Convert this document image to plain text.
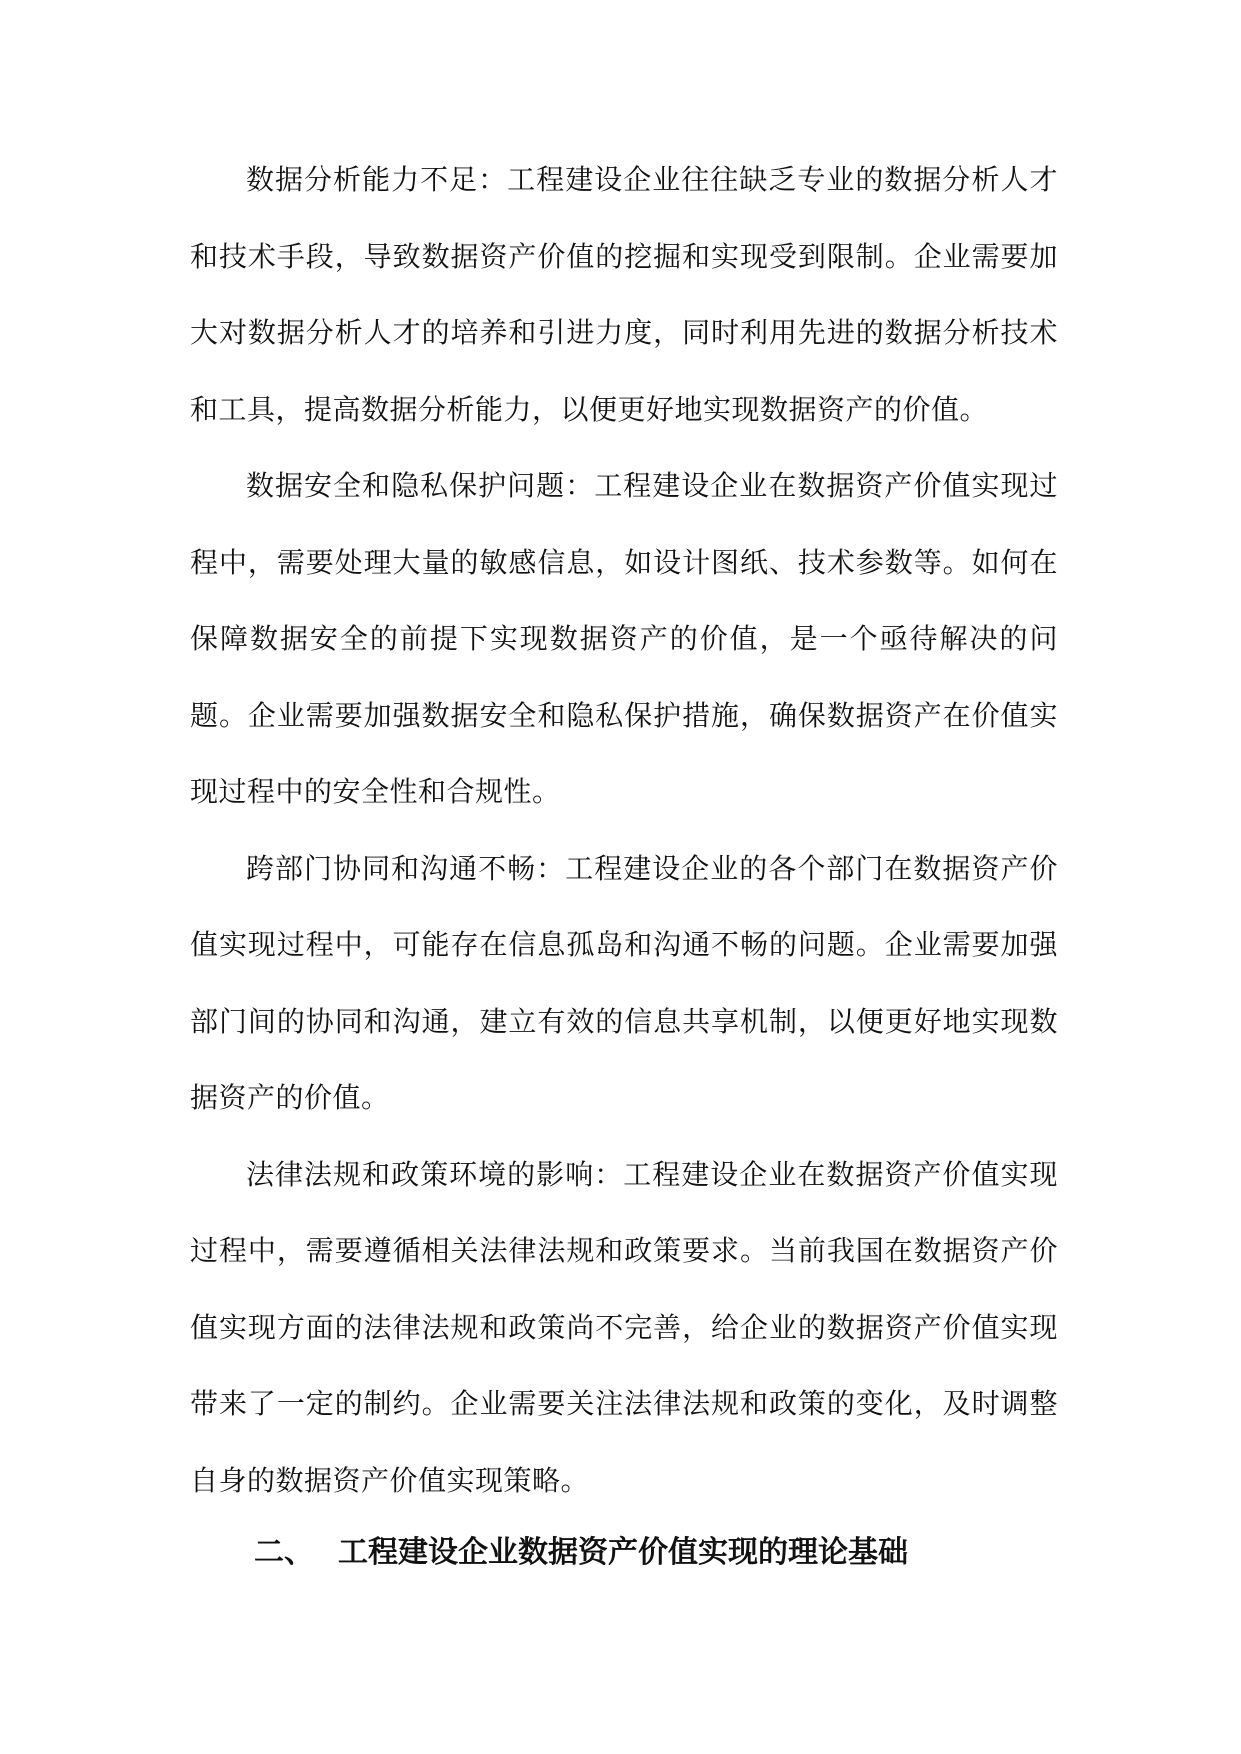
数据分析能力不足：工程建设企业往往缺乏专业的数据分析人才和技术手段，导致数据资产价值的挖掘和实现受到限制。企业需要加大对数据分析人才的培养和引进力度，同时利用先进的数据分析技术和工具，提高数据分析能力，以便更好地实现数据资产的价值。

数据安全和隐私保护问题：工程建设企业在数据资产价值实现过程中，需要处理大量的敏感信息，如设计图纸、技术参数等。如何在保障数据安全的前提下实现数据资产的价值，是一个亟待解决的问题。企业需要加强数据安全和隐私保护措施，确保数据资产在价值实现过程中的安全性和合规性。

跨部门协同和沟通不畅：工程建设企业的各个部门在数据资产价值实现过程中，可能存在信息孤岛和沟通不畅的问题。企业需要加强部门间的协同和沟通，建立有效的信息共享机制，以便更好地实现数据资产的价值。

法律法规和政策环境的影响：工程建设企业在数据资产价值实现过程中，需要遵循相关法律法规和政策要求。当前我国在数据资产价值实现方面的法律法规和政策尚不完善，给企业的数据资产价值实现带来了一定的制约。企业需要关注法律法规和政策的变化，及时调整自身的数据资产价值实现策略。

二、 工程建设企业数据资产价值实现的理论基础
